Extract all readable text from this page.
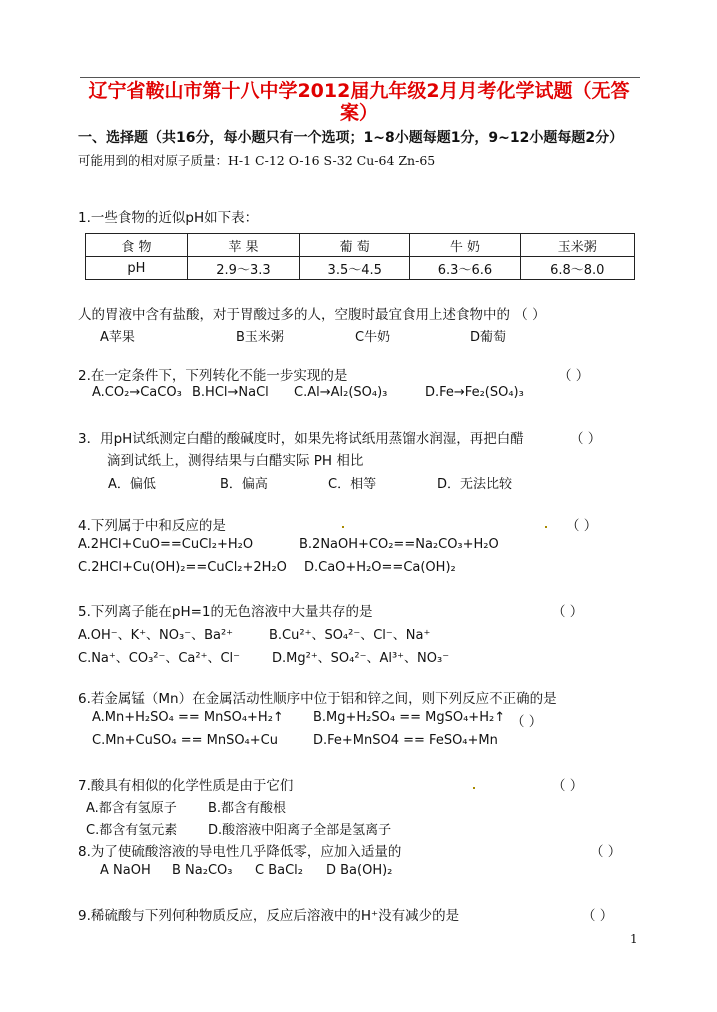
辽宁省鞍山市第十八中学2012届九年级2月月考化学试题（无答案）
一、选择题（共16分，每小题只有一个选项；1~8小题每题1分，9~12小题每题2分）
可能用到的相对原子质量：H-1 C-12 O-16 S-32 Cu-64 Zn-65
1.一些食物的近似pH如下表：
食 物	苹 果	葡 萄	牛 奶	玉米粥
pH	2.9～3.3	3.5～4.5	6.3～6.6	6.8～8.0
人的胃液中含有盐酸，对于胃酸过多的人，空腹时最宜食用上述食物中的 （ ）
A苹果	B玉米粥	C牛奶	D葡萄
2.在一定条件下，下列转化不能一步实现的是	（ ）
A.CO₂→CaCO₃ B.HCl→NaCl C.Al→Al₂(SO₄)₃	D.Fe→Fe₂(SO₄)₃
3．用pH试纸测定白醋的酸碱度时，如果先将试纸用蒸馏水润湿，再把白醋	（ ）
滴到试纸上，测得结果与白醋实际 PH 相比
A．偏低	B．偏高	C．相等	D．无法比较
4.下列属于中和反应的是	（ ）
A.2HCl+CuO==CuCl₂+H₂O	B.2NaOH+CO₂==Na₂CO₃+H₂O
C.2HCl+Cu(OH)₂==CuCl₂+2H₂O D.CaO+H₂O==Ca(OH)₂
5.下列离子能在pH=1的无色溶液中大量共存的是	（ ）
A.OH⁻、K⁺、NO₃⁻、Ba²⁺	B.Cu²⁺、SO₄²⁻、Cl⁻、Na⁺
C.Na⁺、CO₃²⁻、Ca²⁺、Cl⁻ D.Mg²⁺、SO₄²⁻、Al³⁺、NO₃⁻
6.若金属锰（Mn）在金属活动性顺序中位于铝和锌之间，则下列反应不正确的是
A.Mn+H₂SO₄ == MnSO₄+H₂↑ B.Mg+H₂SO₄ == MgSO₄+H₂↑ （ ）
C.Mn+CuSO₄ == MnSO₄+Cu	D.Fe+MnSO4 == FeSO₄+Mn
7.酸具有相似的化学性质是由于它们	（ ）
A.都含有氢原子 B.都含有酸根
C.都含有氢元素 D.酸溶液中阳离子全部是氢离子
8.为了使硫酸溶液的导电性几乎降低零，应加入适量的	（ ）
A NaOH B Na₂CO₃ C BaCl₂ D Ba(OH)₂
9.稀硫酸与下列何种物质反应，反应后溶液中的H⁺没有减少的是	（ ）
1
